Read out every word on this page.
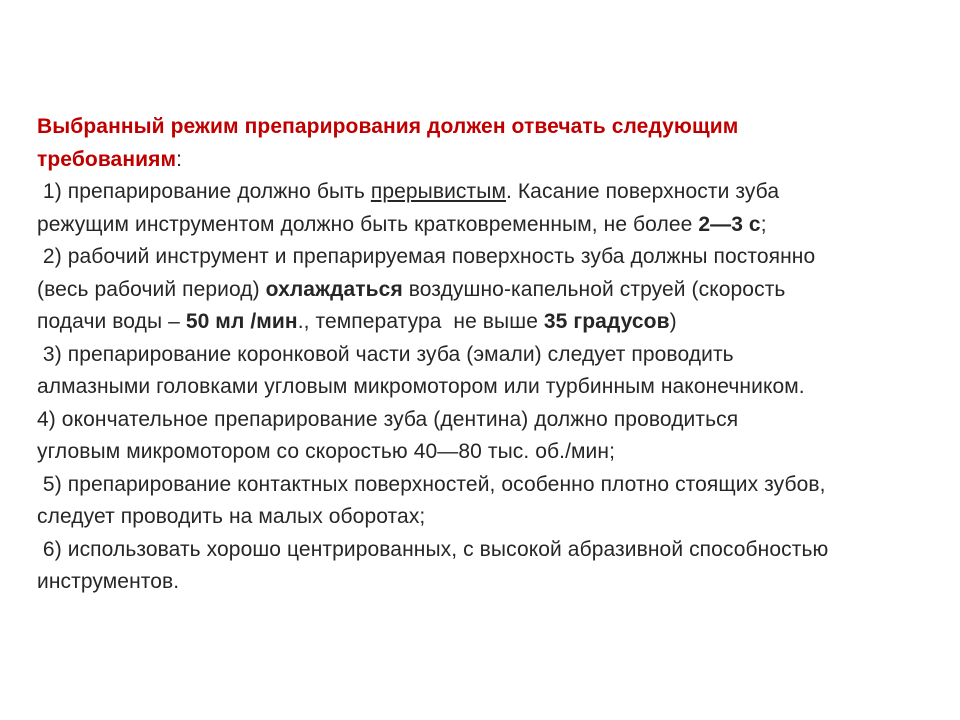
Выбранный режим препарирования должен отвечать следующим
требованиям:
1) препарирование должно быть прерывистым. Касание поверхности зуба
режущим инструментом должно быть кратковременным, не более 2—3 с;
2) рабочий инструмент и препарируемая поверхность зуба должны постоянно
(весь рабочий период) охлаждаться воздушно-капельной струей (скорость
подачи воды – 50 мл /мин., температура  не выше 35 градусов)
3) препарирование коронковой части зуба (эмали) следует проводить
алмазными головками угловым микромотором или турбинным наконечником.
4) окончательное препарирование зуба (дентина) должно проводиться
угловым микромотором со скоростью 40—80 тыс. об./мин;
5) препарирование контактных поверхностей, особенно плотно стоящих зубов,
следует проводить на малых оборотах;
6) использовать хорошо центрированных, с высокой абразивной способностью
инструментов.
